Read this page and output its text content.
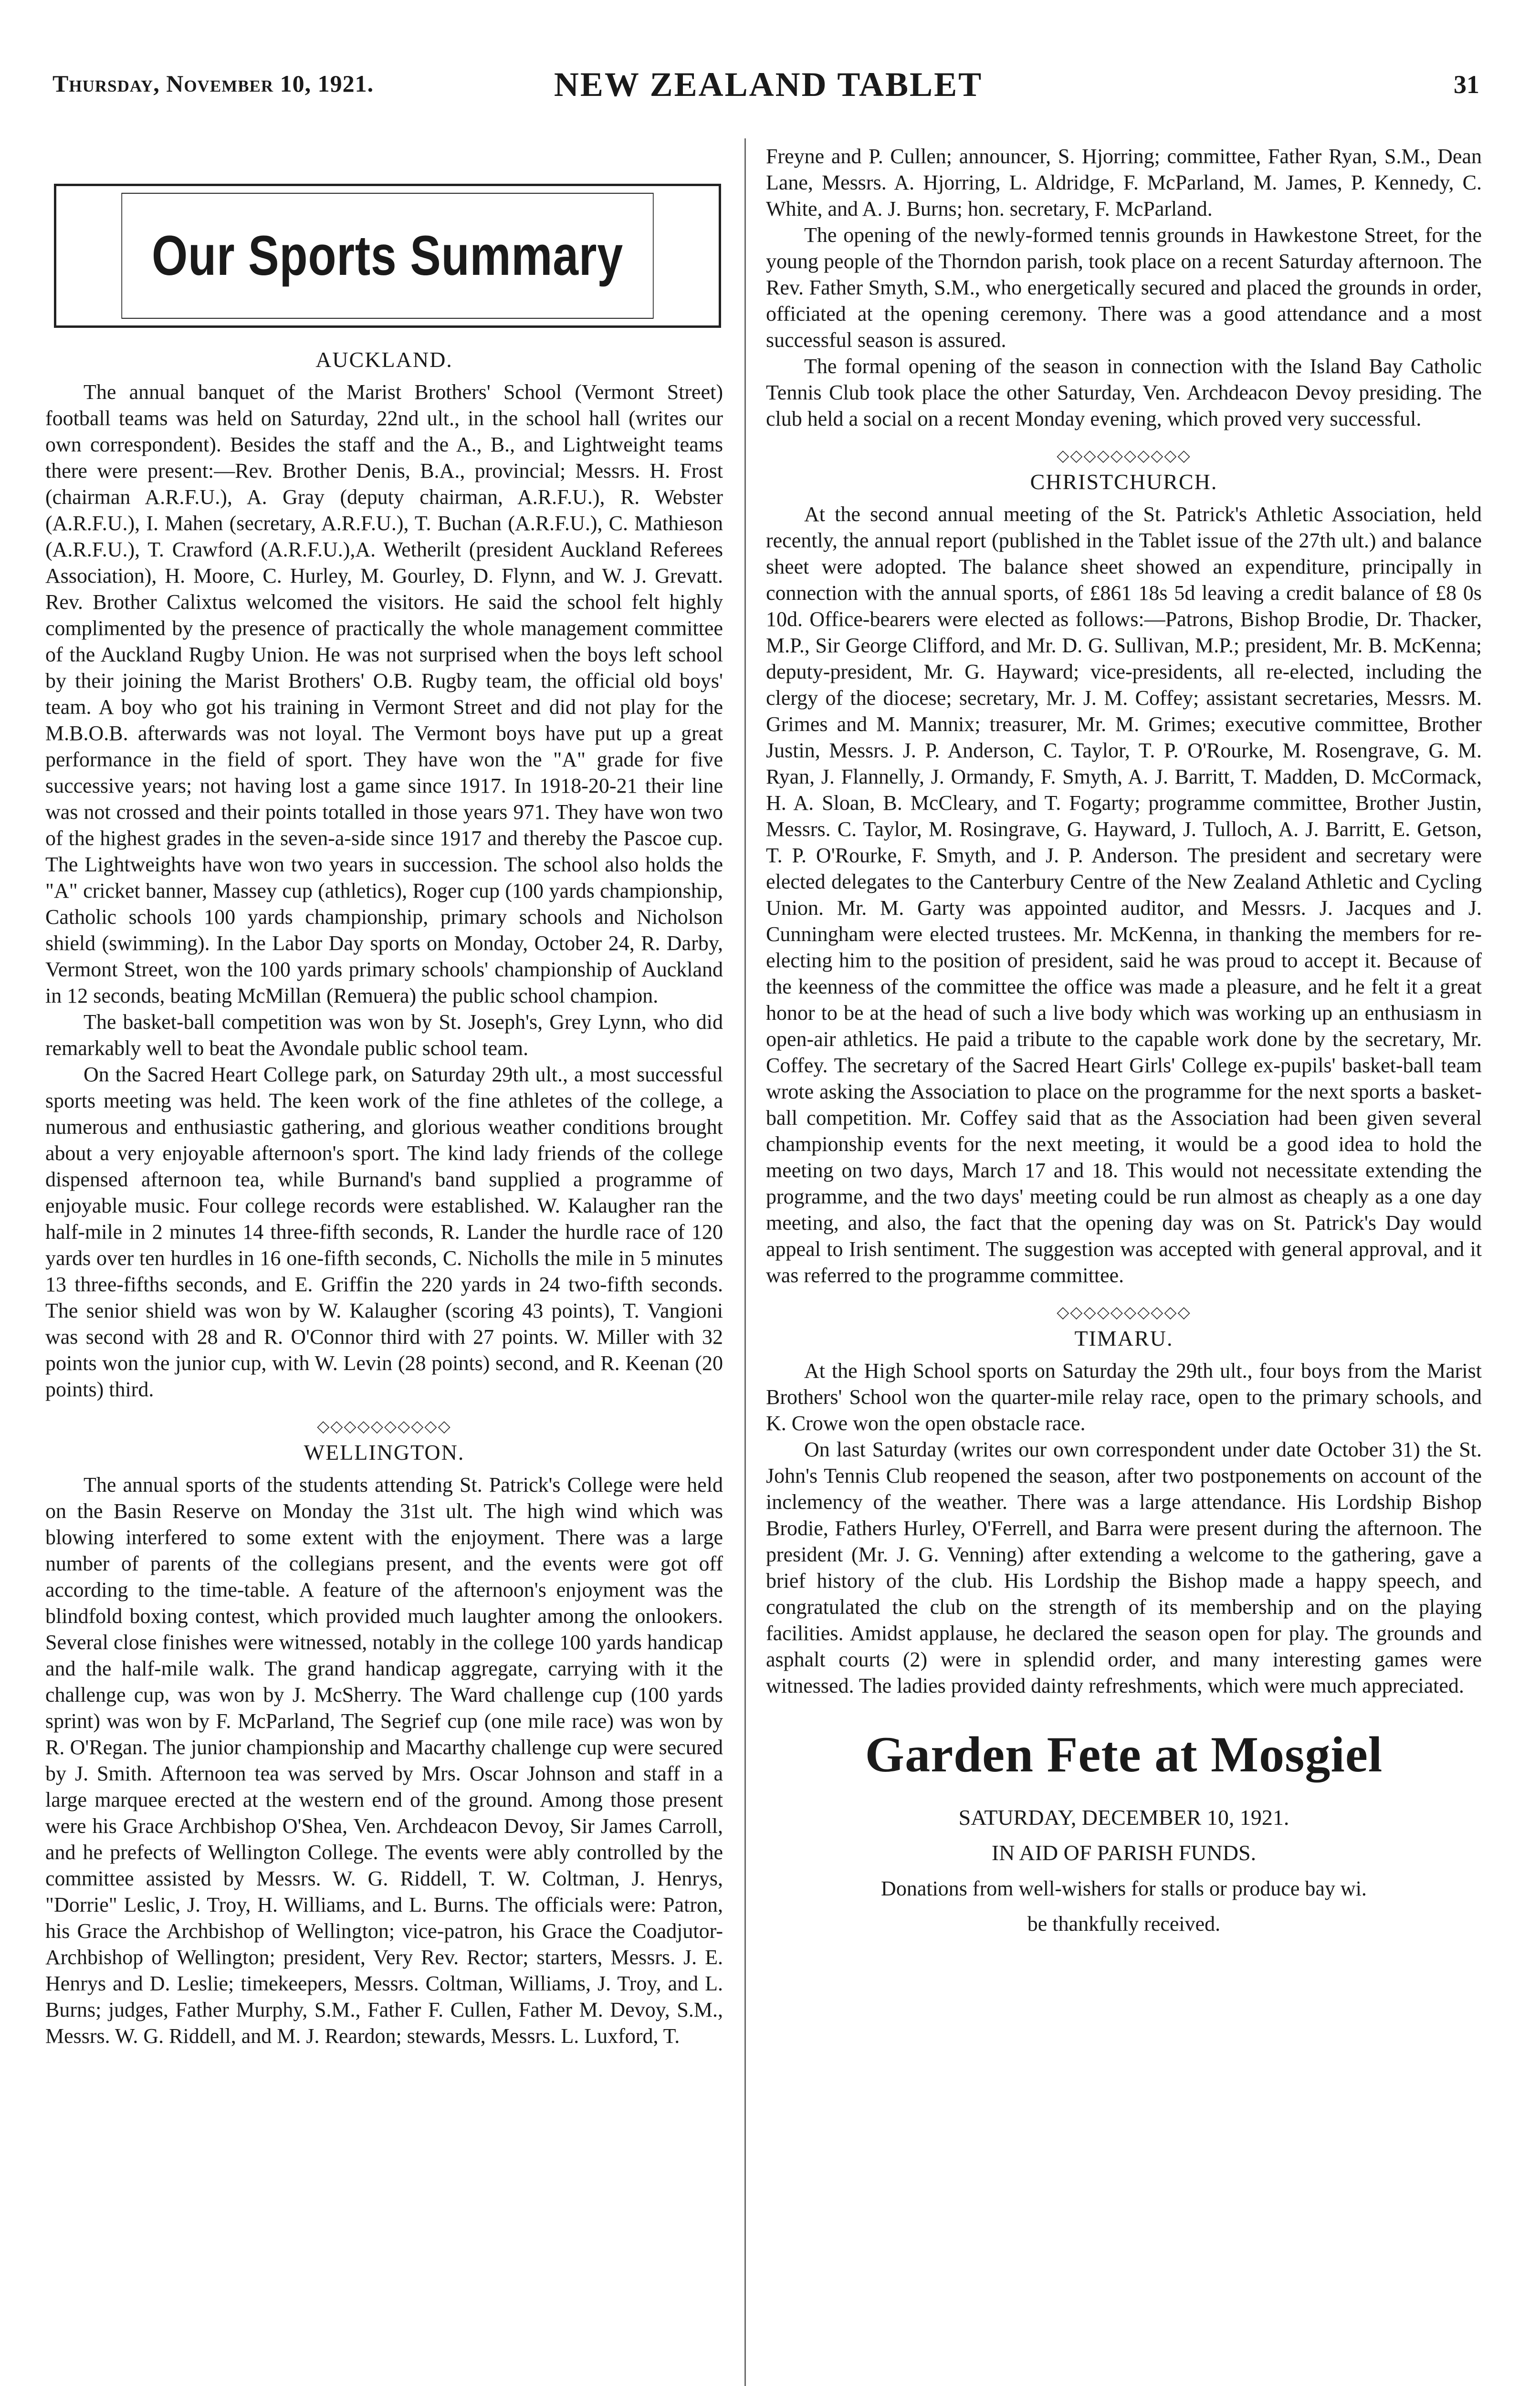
Thursday, November 10, 1921.	NEW ZEALAND TABLET	31
Our Sports Summary
AUCKLAND.

The annual banquet of the Marist Brothers' School (Vermont Street) football teams was held on Saturday, 22nd ult., in the school hall (writes our own correspondent). Besides the staff and the A., B., and Lightweight teams there were present:—Rev. Brother Denis, B.A., provincial; Messrs. H. Frost (chairman A.R.F.U.), A. Gray (deputy chairman, A.R.F.U.), R. Webster (A.R.F.U.), I. Mahen (secretary, A.R.F.U.), T. Buchan (A.R.F.U.), C. Mathieson (A.R.F.U.), T. Crawford (A.R.F.U.),A. Wetherilt (president Auckland Referees Association), H. Moore, C. Hurley, M. Gourley, D. Flynn, and W. J. Grevatt. Rev. Brother Calixtus welcomed the visitors. He said the school felt highly complimented by the presence of practically the whole management committee of the Auckland Rugby Union. He was not surprised when the boys left school by their joining the Marist Brothers' O.B. Rugby team, the official old boys' team. A boy who got his training in Vermont Street and did not play for the M.B.O.B. afterwards was not loyal. The Vermont boys have put up a great performance in the field of sport. They have won the "A" grade for five successive years; not having lost a game since 1917. In 1918-20-21 their line was not crossed and their points totalled in those years 971. They have won two of the highest grades in the seven-a-side since 1917 and thereby the Pascoe cup. The Lightweights have won two years in succession. The school also holds the "A" cricket banner, Massey cup (athletics), Roger cup (100 yards championship, Catholic schools 100 yards championship, primary schools and Nicholson shield (swimming). In the Labor Day sports on Monday, October 24, R. Darby, Vermont Street, won the 100 yards primary schools' championship of Auckland in 12 seconds, beating McMillan (Remuera) the public school champion.

The basket-ball competition was won by St. Joseph's, Grey Lynn, who did remarkably well to beat the Avondale public school team.

On the Sacred Heart College park, on Saturday 29th ult., a most successful sports meeting was held. The keen work of the fine athletes of the college, a numerous and enthusiastic gathering, and glorious weather conditions brought about a very enjoyable afternoon's sport. The kind lady friends of the college dispensed afternoon tea, while Burnand's band supplied a programme of enjoyable music. Four college records were established. W. Kalaugher ran the half-mile in 2 minutes 14 three-fifth seconds, R. Lander the hurdle race of 120 yards over ten hurdles in 16 one-fifth seconds, C. Nicholls the mile in 5 minutes 13 three-fifths seconds, and E. Griffin the 220 yards in 24 two-fifth seconds. The senior shield was won by W. Kalaugher (scoring 43 points), T. Vangioni was second with 28 and R. O'Connor third with 27 points. W. Miller with 32 points won the junior cup, with W. Levin (28 points) second, and R. Keenan (20 points) third.

◇◇◇◇◇◇◇◇◇◇
WELLINGTON.

The annual sports of the students attending St. Patrick's College were held on the Basin Reserve on Monday the 31st ult. The high wind which was blowing interfered to some extent with the enjoyment. There was a large number of parents of the collegians present, and the events were got off according to the time-table. A feature of the afternoon's enjoyment was the blindfold boxing contest, which provided much laughter among the onlookers. Several close finishes were witnessed, notably in the college 100 yards handicap and the half-mile walk. The grand handicap aggregate, carrying with it the challenge cup, was won by J. McSherry. The Ward challenge cup (100 yards sprint) was won by F. McParland, The Segrief cup (one mile race) was won by R. O'Regan. The junior championship and Macarthy challenge cup were secured by J. Smith. Afternoon tea was served by Mrs. Oscar Johnson and staff in a large marquee erected at the western end of the ground. Among those present were his Grace Archbishop O'Shea, Ven. Archdeacon Devoy, Sir James Carroll, and he prefects of Wellington College. The events were ably controlled by the committee assisted by Messrs. W. G. Riddell, T. W. Coltman, J. Henrys, "Dorrie" Leslic, J. Troy, H. Williams, and L. Burns. The officials were: Patron, his Grace the Archbishop of Wellington; vice-patron, his Grace the Coadjutor-Archbishop of Wellington; president, Very Rev. Rector; starters, Messrs. J. E. Henrys and D. Leslie; timekeepers, Messrs. Coltman, Williams, J. Troy, and L. Burns; judges, Father Murphy, S.M., Father F. Cullen, Father M. Devoy, S.M., Messrs. W. G. Riddell, and M. J. Reardon; stewards, Messrs. L. Luxford, T.

Freyne and P. Cullen; announcer, S. Hjorring; committee, Father Ryan, S.M., Dean Lane, Messrs. A. Hjorring, L. Aldridge, F. McParland, M. James, P. Kennedy, C. White, and A. J. Burns; hon. secretary, F. McParland.

The opening of the newly-formed tennis grounds in Hawkestone Street, for the young people of the Thorndon parish, took place on a recent Saturday afternoon. The Rev. Father Smyth, S.M., who energetically secured and placed the grounds in order, officiated at the opening ceremony. There was a good attendance and a most successful season is assured.

The formal opening of the season in connection with the Island Bay Catholic Tennis Club took place the other Saturday, Ven. Archdeacon Devoy presiding. The club held a social on a recent Monday evening, which proved very successful.

◇◇◇◇◇◇◇◇◇◇
CHRISTCHURCH.

At the second annual meeting of the St. Patrick's Athletic Association, held recently, the annual report (published in the Tablet issue of the 27th ult.) and balance sheet were adopted. The balance sheet showed an expenditure, principally in connection with the annual sports, of £861 18s 5d leaving a credit balance of £8 0s 10d. Office-bearers were elected as follows:—Patrons, Bishop Brodie, Dr. Thacker, M.P., Sir George Clifford, and Mr. D. G. Sullivan, M.P.; president, Mr. B. McKenna; deputy-president, Mr. G. Hayward; vice-presidents, all re-elected, including the clergy of the diocese; secretary, Mr. J. M. Coffey; assistant secretaries, Messrs. M. Grimes and M. Mannix; treasurer, Mr. M. Grimes; executive committee, Brother Justin, Messrs. J. P. Anderson, C. Taylor, T. P. O'Rourke, M. Rosengrave, G. M. Ryan, J. Flannelly, J. Ormandy, F. Smyth, A. J. Barritt, T. Madden, D. McCormack, H. A. Sloan, B. McCleary, and T. Fogarty; programme committee, Brother Justin, Messrs. C. Taylor, M. Rosingrave, G. Hayward, J. Tulloch, A. J. Barritt, E. Getson, T. P. O'Rourke, F. Smyth, and J. P. Anderson. The president and secretary were elected delegates to the Canterbury Centre of the New Zealand Athletic and Cycling Union. Mr. M. Garty was appointed auditor, and Messrs. J. Jacques and J. Cunningham were elected trustees. Mr. McKenna, in thanking the members for re-electing him to the position of president, said he was proud to accept it. Because of the keenness of the committee the office was made a pleasure, and he felt it a great honor to be at the head of such a live body which was working up an enthusiasm in open-air athletics. He paid a tribute to the capable work done by the secretary, Mr. Coffey. The secretary of the Sacred Heart Girls' College ex-pupils' basket-ball team wrote asking the Association to place on the programme for the next sports a basket-ball competition. Mr. Coffey said that as the Association had been given several championship events for the next meeting, it would be a good idea to hold the meeting on two days, March 17 and 18. This would not necessitate extending the programme, and the two days' meeting could be run almost as cheaply as a one day meeting, and also, the fact that the opening day was on St. Patrick's Day would appeal to Irish sentiment. The suggestion was accepted with general approval, and it was referred to the programme committee.

◇◇◇◇◇◇◇◇◇◇
TIMARU.

At the High School sports on Saturday the 29th ult., four boys from the Marist Brothers' School won the quarter-mile relay race, open to the primary schools, and K. Crowe won the open obstacle race.

On last Saturday (writes our own correspondent under date October 31) the St. John's Tennis Club reopened the season, after two postponements on account of the inclemency of the weather. There was a large attendance. His Lordship Bishop Brodie, Fathers Hurley, O'Ferrell, and Barra were present during the afternoon. The president (Mr. J. G. Venning) after extending a welcome to the gathering, gave a brief history of the club. His Lordship the Bishop made a happy speech, and congratulated the club on the strength of its membership and on the playing facilities. Amidst applause, he declared the season open for play. The grounds and asphalt courts (2) were in splendid order, and many interesting games were witnessed. The ladies provided dainty refreshments, which were much appreciated.

Garden Fete at Mosgiel
SATURDAY, DECEMBER 10, 1921.
IN AID OF PARISH FUNDS.
Donations from well-wishers for stalls or produce bay wi.
be thankfully received.
